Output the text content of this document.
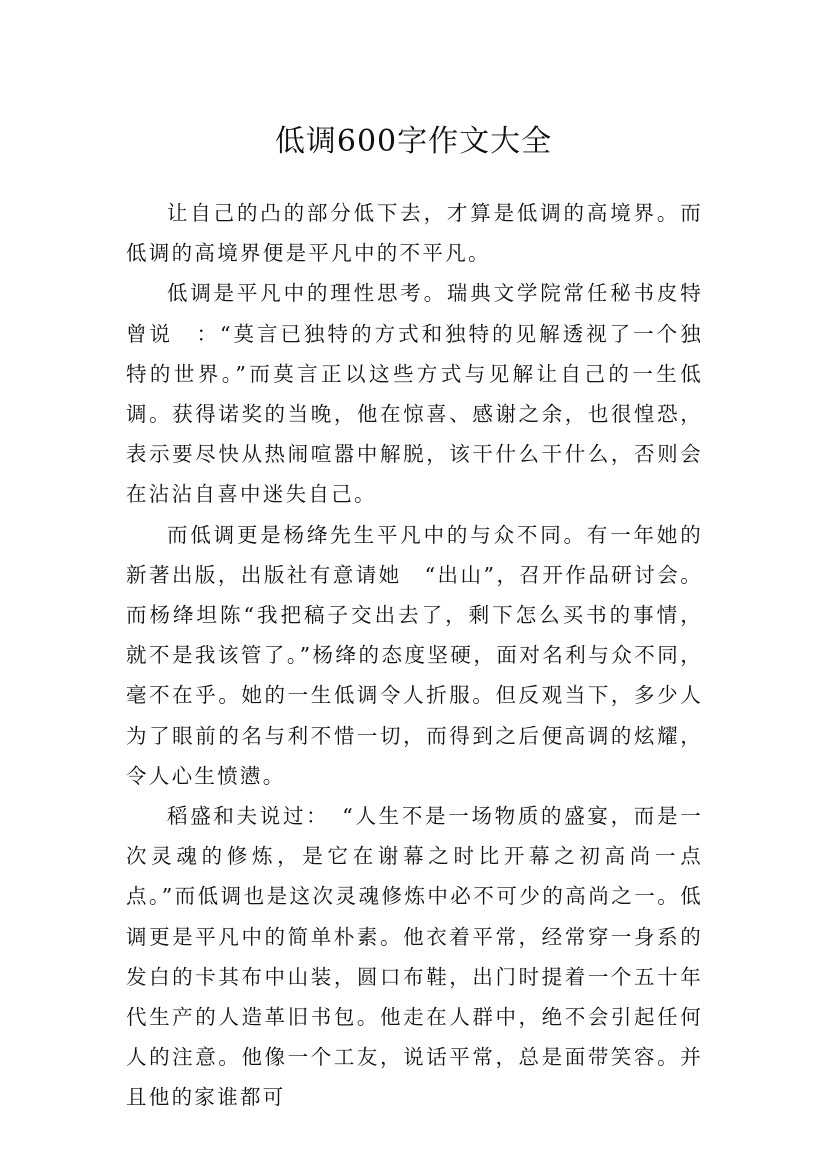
低调600字作文大全

让自己的凸的部分低下去，才算是低调的高境界。而低调的高境界便是平凡中的不平凡。

低调是平凡中的理性思考。瑞典文学院常任秘书皮特曾说　：“莫言已独特的方式和独特的见解透视了一个独特的世界。”而莫言正以这些方式与见解让自己的一生低调。获得诺奖的当晚，他在惊喜、感谢之余，也很惶恐，表示要尽快从热闹喧嚣中解脱，该干什么干什么，否则会在沾沾自喜中迷失自己。

而低调更是杨绛先生平凡中的与众不同。有一年她的新著出版，出版社有意请她　“出山”，召开作品研讨会。而杨绛坦陈“我把稿子交出去了，剩下怎么买书的事情，就不是我该管了。”杨绛的态度坚硬，面对名利与众不同，毫不在乎。她的一生低调令人折服。但反观当下，多少人为了眼前的名与利不惜一切，而得到之后便高调的炫耀，令人心生愤懑。

稻盛和夫说过：　“人生不是一场物质的盛宴，而是一次灵魂的修炼，是它在谢幕之时比开幕之初高尚一点点。”而低调也是这次灵魂修炼中必不可少的高尚之一。低调更是平凡中的简单朴素。他衣着平常，经常穿一身系的发白的卡其布中山装，圆口布鞋，出门时提着一个五十年代生产的人造革旧书包。他走在人群中，绝不会引起任何人的注意。他像一个工友，说话平常，总是面带笑容。并且他的家谁都可
